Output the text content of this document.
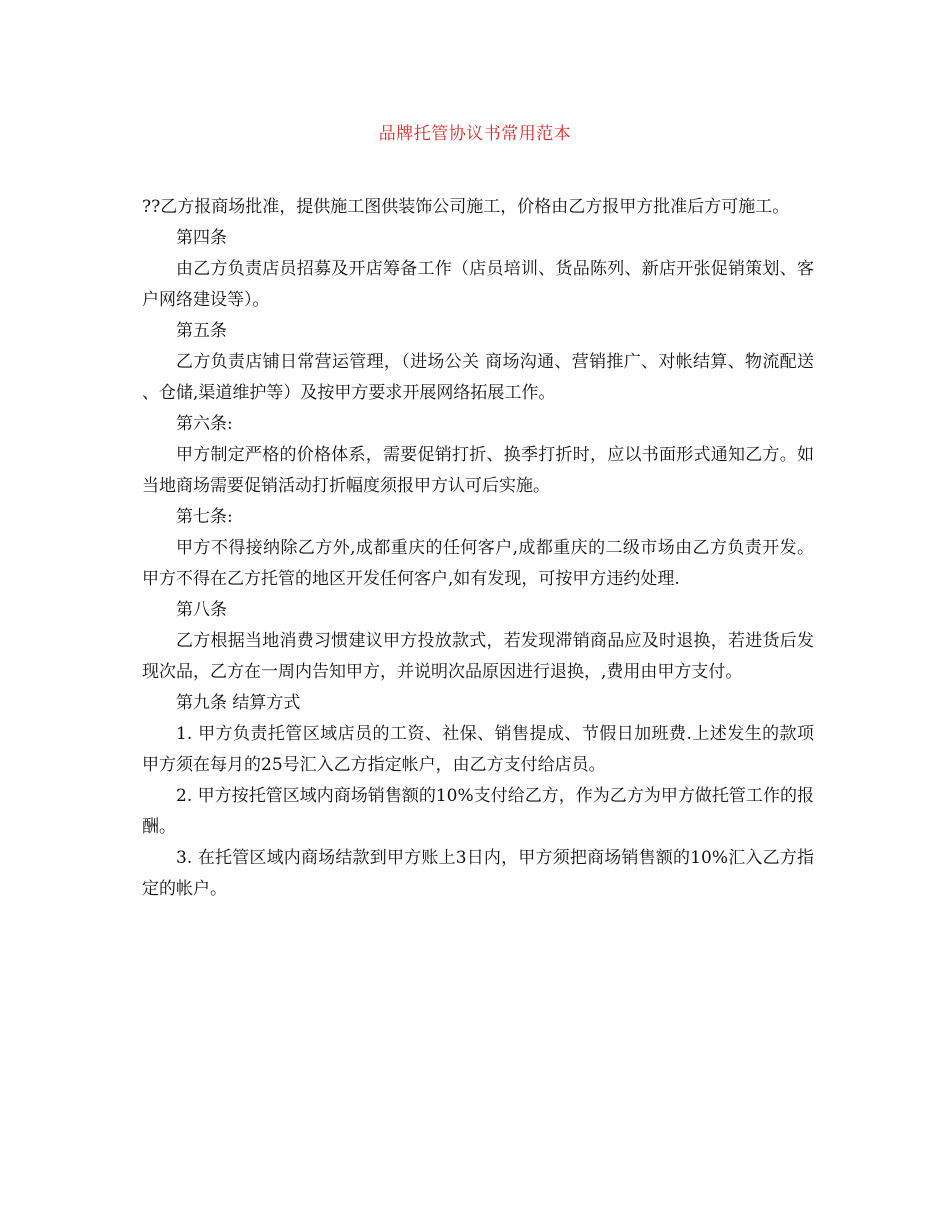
品牌托管协议书常用范本

??乙方报商场批准，提供施工图供装饰公司施工，价格由乙方报甲方批准后方可施工。

第四条

由乙方负责店员招募及开店筹备工作（店员培训、货品陈列、新店开张促销策划、客户网络建设等）。

第五条

乙方负责店铺日常营运管理，（进场公关 商场沟通、营销推广、对帐结算、物流配送、仓储,渠道维护等）及按甲方要求开展网络拓展工作。

第六条:

甲方制定严格的价格体系，需要促销打折、换季打折时，应以书面形式通知乙方。如当地商场需要促销活动打折幅度须报甲方认可后实施。

第七条:

甲方不得接纳除乙方外,成都重庆的任何客户,成都重庆的二级市场由乙方负责开发。甲方不得在乙方托管的地区开发任何客户,如有发现，可按甲方违约处理.

第八条

乙方根据当地消费习惯建议甲方投放款式，若发现滞销商品应及时退换，若进货后发现次品，乙方在一周内告知甲方，并说明次品原因进行退换，,费用由甲方支付。

第九条 结算方式

1. 甲方负责托管区域店员的工资、社保、销售提成、节假日加班费.上述发生的款项甲方须在每月的25号汇入乙方指定帐户，由乙方支付给店员。

2. 甲方按托管区域内商场销售额的10%支付给乙方，作为乙方为甲方做托管工作的报酬。

3. 在托管区域内商场结款到甲方账上3日内，甲方须把商场销售额的10%汇入乙方指定的帐户。
